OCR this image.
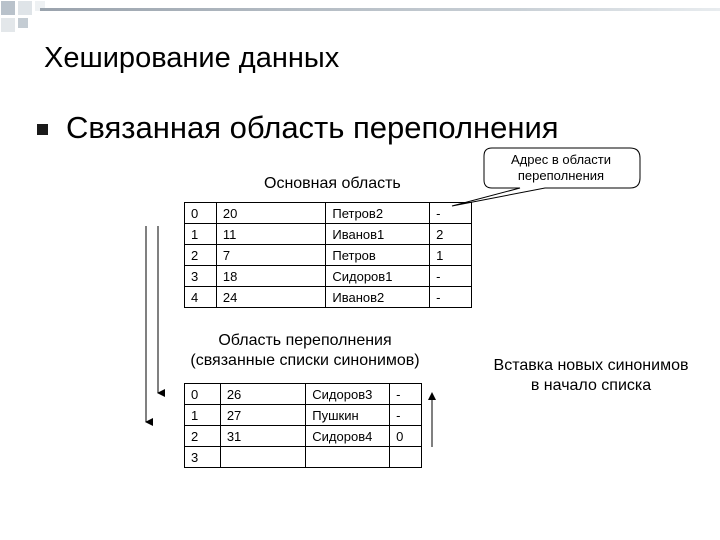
Хеширование данных
Связанная область переполнения
Основная область
Адрес в области
переполнения
0	20	Петров2	-
1	11	Иванов1	2
2	7	Петров	1
3	18	Сидоров1	-
4	24	Иванов2	-
Область переполнения
(связанные списки синонимов)
0	26	Сидоров3	-
1	27	Пушкин	-
2	31	Сидоров4	0
3			
Вставка новых синонимов
в начало списка
